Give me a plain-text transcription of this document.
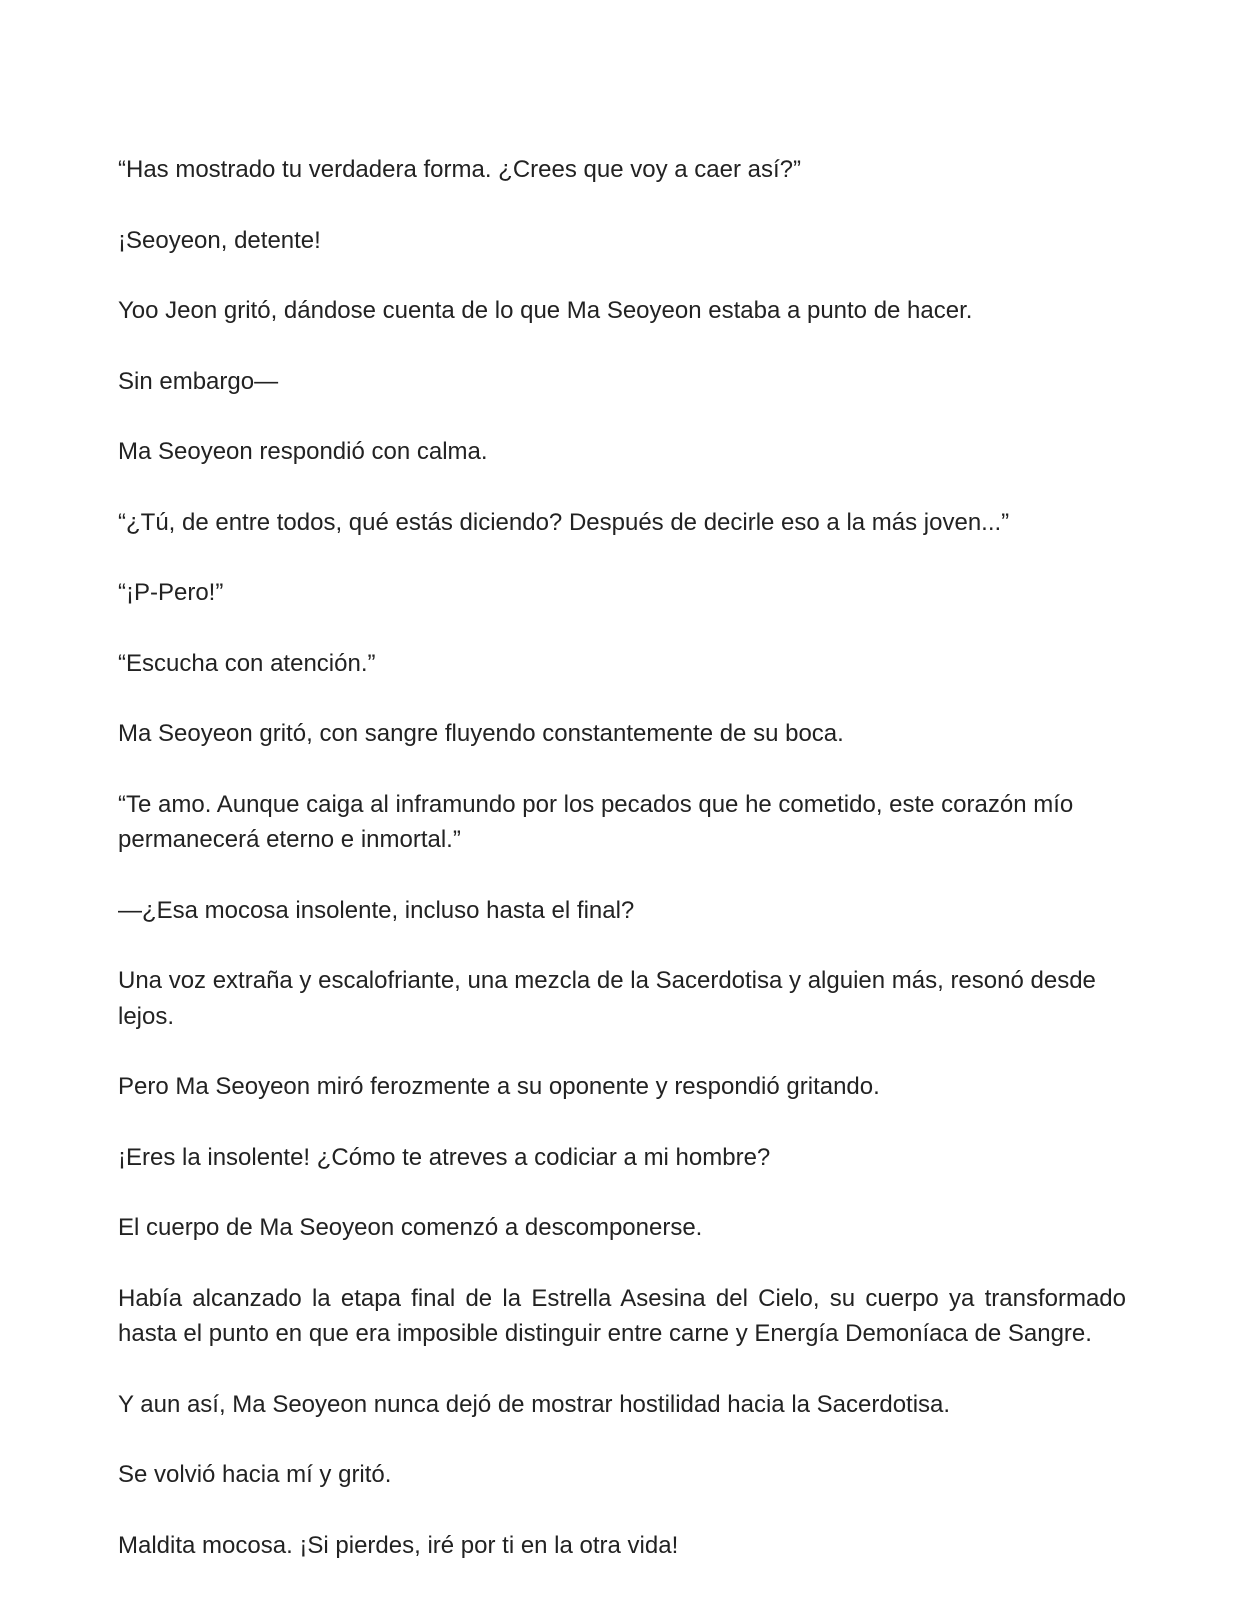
“Has mostrado tu verdadera forma. ¿Crees que voy a caer así?”

¡Seoyeon, detente!

Yoo Jeon gritó, dándose cuenta de lo que Ma Seoyeon estaba a punto de hacer.

Sin embargo—

Ma Seoyeon respondió con calma.

“¿Tú, de entre todos, qué estás diciendo? Después de decirle eso a la más joven...”

“¡P-Pero!”

“Escucha con atención.”

Ma Seoyeon gritó, con sangre fluyendo constantemente de su boca.

“Te amo. Aunque caiga al inframundo por los pecados que he cometido, este corazón mío permanecerá eterno e inmortal.”

—¿Esa mocosa insolente, incluso hasta el final?

Una voz extraña y escalofriante, una mezcla de la Sacerdotisa y alguien más, resonó desde lejos.

Pero Ma Seoyeon miró ferozmente a su oponente y respondió gritando.

¡Eres la insolente! ¿Cómo te atreves a codiciar a mi hombre?

El cuerpo de Ma Seoyeon comenzó a descomponerse.

Había alcanzado la etapa final de la Estrella Asesina del Cielo, su cuerpo ya transformado hasta el punto en que era imposible distinguir entre carne y Energía Demoníaca de Sangre.

Y aun así, Ma Seoyeon nunca dejó de mostrar hostilidad hacia la Sacerdotisa.

Se volvió hacia mí y gritó.

Maldita mocosa. ¡Si pierdes, iré por ti en la otra vida!
